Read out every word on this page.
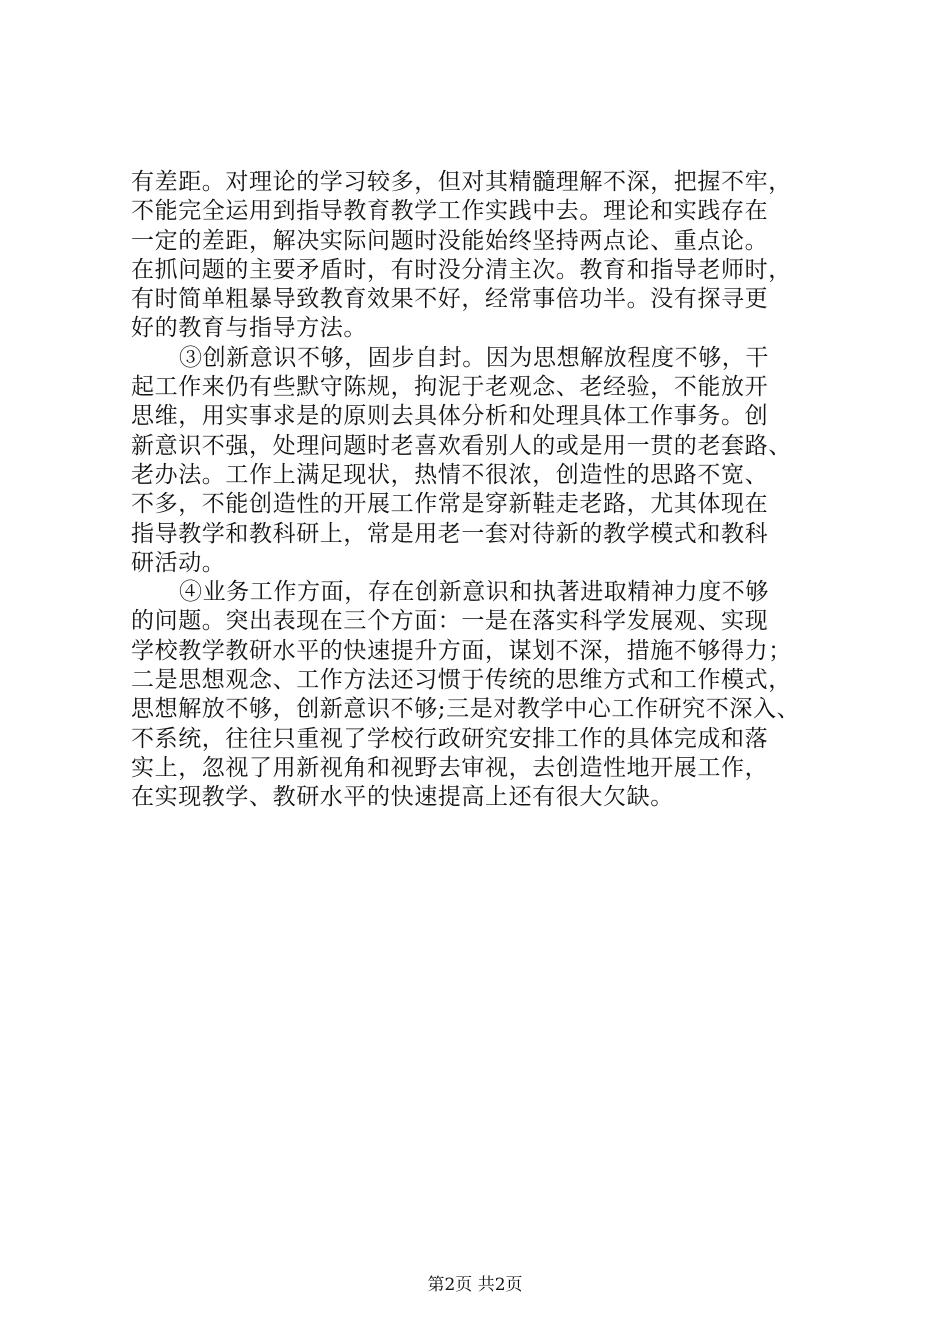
有差距。对理论的学习较多，但对其精髓理解不深，把握不牢，
不能完全运用到指导教育教学工作实践中去。理论和实践存在
一定的差距，解决实际问题时没能始终坚持两点论、重点论。
在抓问题的主要矛盾时，有时没分清主次。教育和指导老师时，
有时简单粗暴导致教育效果不好，经常事倍功半。没有探寻更
好的教育与指导方法。
③创新意识不够，固步自封。因为思想解放程度不够，干
起工作来仍有些默守陈规，拘泥于老观念、老经验，不能放开
思维，用实事求是的原则去具体分析和处理具体工作事务。创
新意识不强，处理问题时老喜欢看别人的或是用一贯的老套路、
老办法。工作上满足现状，热情不很浓，创造性的思路不宽、
不多，不能创造性的开展工作常是穿新鞋走老路，尤其体现在
指导教学和教科研上，常是用老一套对待新的教学模式和教科
研活动。
④业务工作方面，存在创新意识和执著进取精神力度不够
的问题。突出表现在三个方面：一是在落实科学发展观、实现
学校教学教研水平的快速提升方面，谋划不深，措施不够得力；
二是思想观念、工作方法还习惯于传统的思维方式和工作模式，
思想解放不够，创新意识不够;三是对教学中心工作研究不深入、
不系统，往往只重视了学校行政研究安排工作的具体完成和落
实上，忽视了用新视角和视野去审视，去创造性地开展工作，
在实现教学、教研水平的快速提高上还有很大欠缺。
第2页 共2页
